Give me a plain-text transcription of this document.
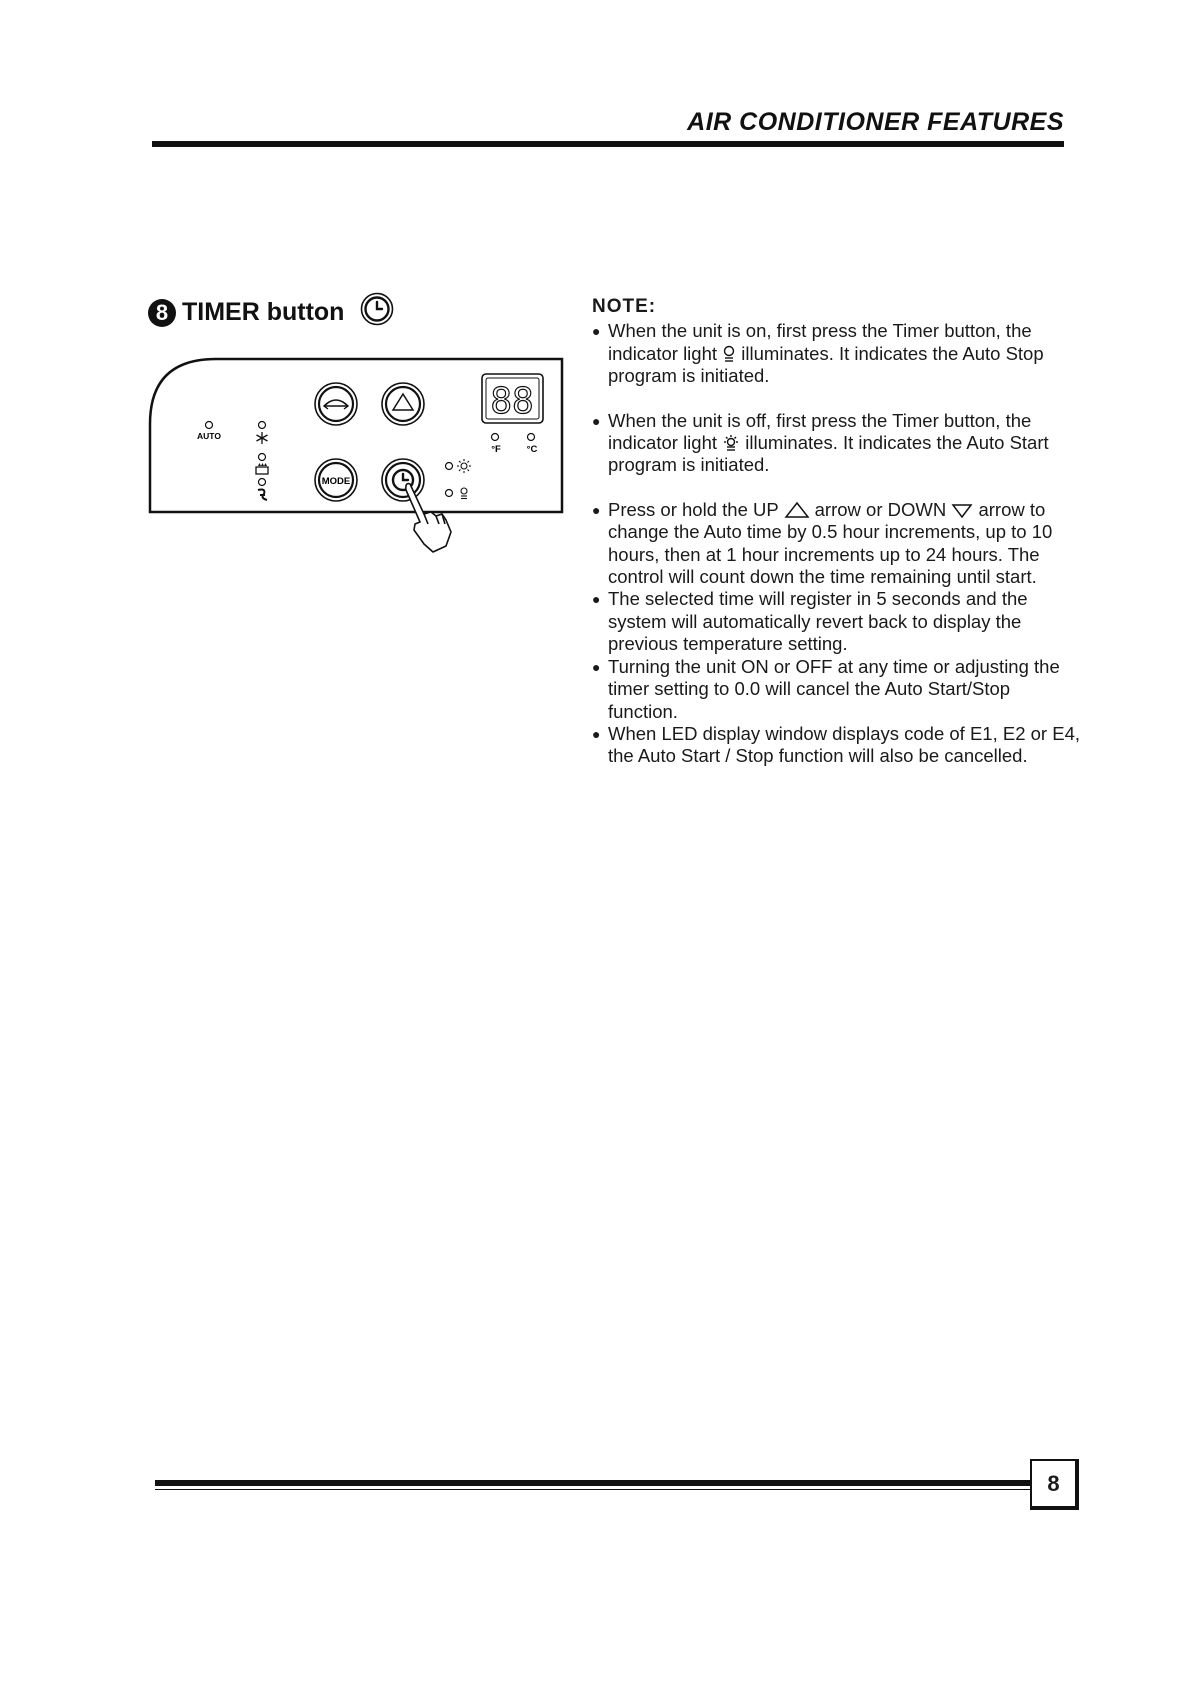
AIR CONDITIONER FEATURES
8 TIMER button
AUTO
88
°F	°C
MODE
NOTE:
● When the unit is on, first press the Timer button, the indicator light illuminates. It indicates the Auto Stop program is initiated.
● When the unit is off, first press the Timer button, the indicator light illuminates. It indicates the Auto Start program is initiated.
● Press or hold the UP arrow or DOWN arrow to change the Auto time by 0.5 hour increments, up to 10 hours, then at 1 hour increments up to 24 hours. The control will count down the time remaining until start.
● The selected time will register in 5 seconds and the system will automatically revert back to display the previous temperature setting.
● Turning the unit ON or OFF at any time or adjusting the timer setting to 0.0 will cancel the Auto Start/Stop function.
● When LED display window displays code of E1, E2 or E4, the Auto Start / Stop function will also be cancelled.
8
